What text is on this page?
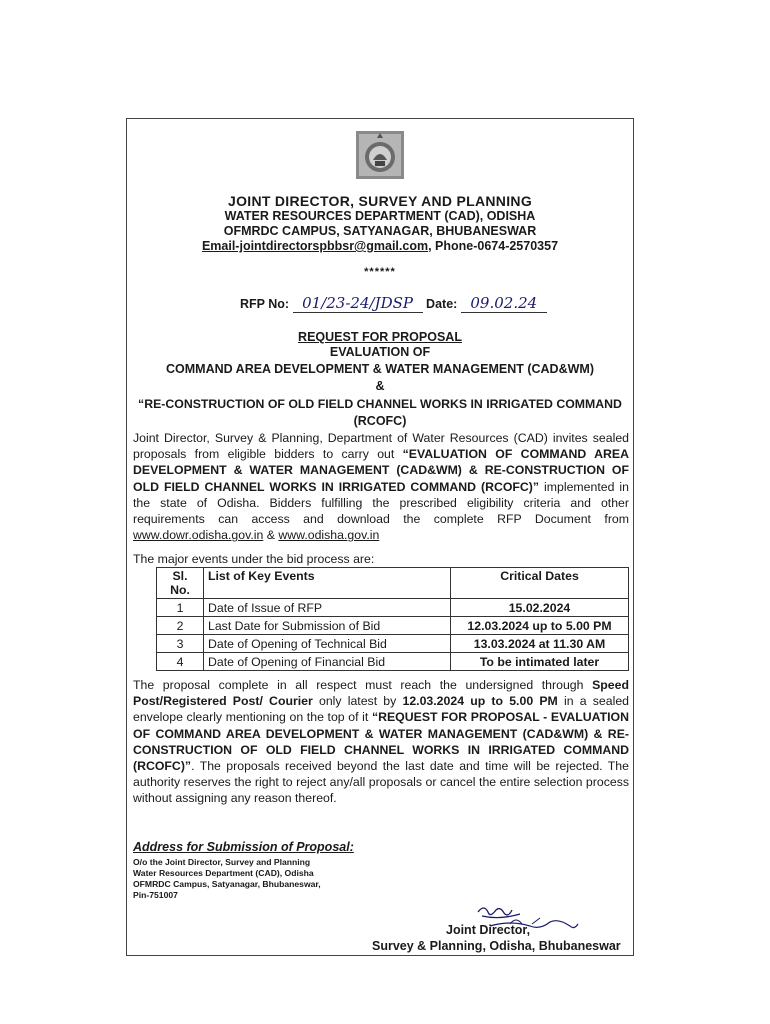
JOINT DIRECTOR, SURVEY AND PLANNING
WATER RESOURCES DEPARTMENT (CAD), ODISHA
OFMRDC CAMPUS, SATYANAGAR, BHUBANESWAR
Email-jointdirectorspbbsr@gmail.com, Phone-0674-2570357
******
RFP No: 01/23-24/JDSP Date: 09.02.24
REQUEST FOR PROPOSAL
EVALUATION OF
COMMAND AREA DEVELOPMENT & WATER MANAGEMENT (CAD&WM)
&
“RE-CONSTRUCTION OF OLD FIELD CHANNEL WORKS IN IRRIGATED COMMAND
(RCOFC)
Joint Director, Survey & Planning, Department of Water Resources (CAD) invites sealed proposals from eligible bidders to carry out “EVALUATION OF COMMAND AREA DEVELOPMENT & WATER MANAGEMENT (CAD&WM) & RE-CONSTRUCTION OF OLD FIELD CHANNEL WORKS IN IRRIGATED COMMAND (RCOFC)” implemented in the state of Odisha. Bidders fulfilling the prescribed eligibility criteria and other requirements can access and download the complete RFP Document from www.dowr.odisha.gov.in & www.odisha.gov.in
The major events under the bid process are:
Sl. No.	List of Key Events	Critical Dates
1	Date of Issue of RFP	15.02.2024
2	Last Date for Submission of Bid	12.03.2024 up to 5.00 PM
3	Date of Opening of Technical Bid	13.03.2024 at 11.30 AM
4	Date of Opening of Financial Bid	To be intimated later
The proposal complete in all respect must reach the undersigned through Speed Post/Registered Post/ Courier only latest by 12.03.2024 up to 5.00 PM in a sealed envelope clearly mentioning on the top of it “REQUEST FOR PROPOSAL - EVALUATION OF COMMAND AREA DEVELOPMENT & WATER MANAGEMENT (CAD&WM) & RE-CONSTRUCTION OF OLD FIELD CHANNEL WORKS IN IRRIGATED COMMAND (RCOFC)”. The proposals received beyond the last date and time will be rejected. The authority reserves the right to reject any/all proposals or cancel the entire selection process without assigning any reason thereof.
Address for Submission of Proposal:
O/o the Joint Director, Survey and Planning
Water Resources Department (CAD), Odisha
OFMRDC Campus, Satyanagar, Bhubaneswar,
Pin-751007
Joint Director,
Survey & Planning, Odisha, Bhubaneswar
